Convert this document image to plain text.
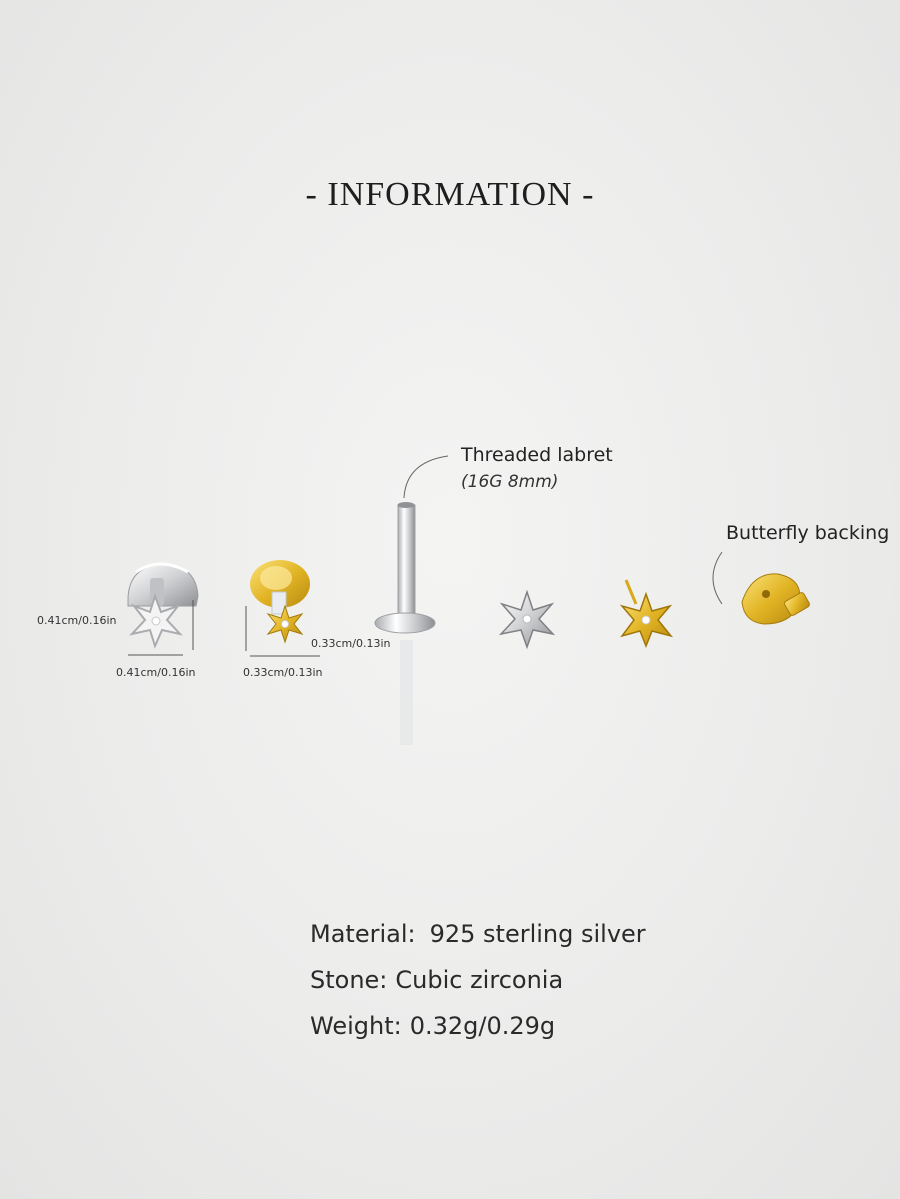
- INFORMATION -
Threaded labret
(16G 8mm)
Butterfly backing
0.41cm/0.16in
0.41cm/0.16in
0.33cm/0.13in
0.33cm/0.13in
Material: 925 sterling silver
Stone: Cubic zirconia
Weight: 0.32g/0.29g
